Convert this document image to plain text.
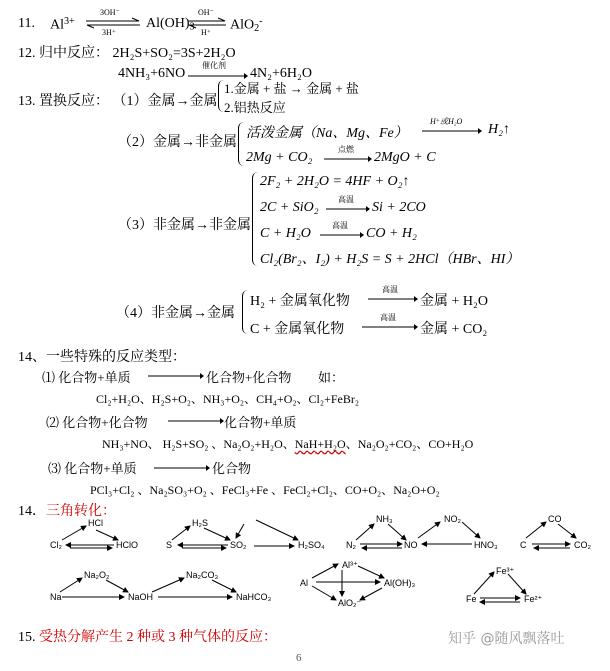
11. $Al^{3+}$
3OH⁻
3H⁺
$Al(OH)_3$
OH⁻
H⁺ AlO$_2$-
12. 归中反应： 2H₂S+SO₂=3S+2H₂O
4NH₃+6NO
催化剂
4N₂+6H₂O
13. 置换反应： （1）金属→金属
1.金属 + 盐 → 金属 + 盐
2.铝热反应
（2）金属→非金属
活泼金属（Na、Mg、Fe）
H⁺或H₂O
H₂↑
2Mg + CO₂
点燃
2MgO + C
（3）非金属→非金属
2F₂ + 2H₂O = 4HF + O₂↑
2C + SiO₂
高温
Si + 2CO
C + H₂O
高温
CO + H₂
Cl₂(Br₂、I₂) + H₂S = S + 2HCl（HBr、HI）
（4）非金属→金属
H₂ + 金属氧化物
高温
金属 + H₂O
C + 金属氧化物
高温
金属 + CO₂
14、一些特殊的反应类型：
⑴ 化合物+单质	化合物+化合物 如：
Cl₂+H₂O、H₂S+O₂、NH₃+O₂、CH₄+O₂、Cl₂+FeBr₂
⑵ 化合物+化合物	化合物+单质
NH₃+NO、 H₂S+SO₂ 、Na₂O₂+H₂O、NaH+H₂O、Na₂O₂+CO₂、CO+H₂O
⑶ 化合物+单质	化合物
PCl₃+Cl₂ 、Na₂SO₃+O₂ 、FeCl₃+Fe 、FeCl₂+Cl₂、CO+O₂、Na₂O+O₂
14．三角转化：
HCl
Cl₂	HClO
H₂S
S	SO₂	H₂SO₄
NH₃
N₂	NO
NO₂
HNO₃
CO
C	CO₂
Na₂O₂
Na	NaOH
Na₂CO₃
NaHCO₃
Al³⁺
Al	Al(OH)₃
AlO₂⁻
Fe³⁺
Fe	Fe²⁺
15. 受热分解产生 2 种或 3 种气体的反应：
6
知乎 @随风飘落吐
